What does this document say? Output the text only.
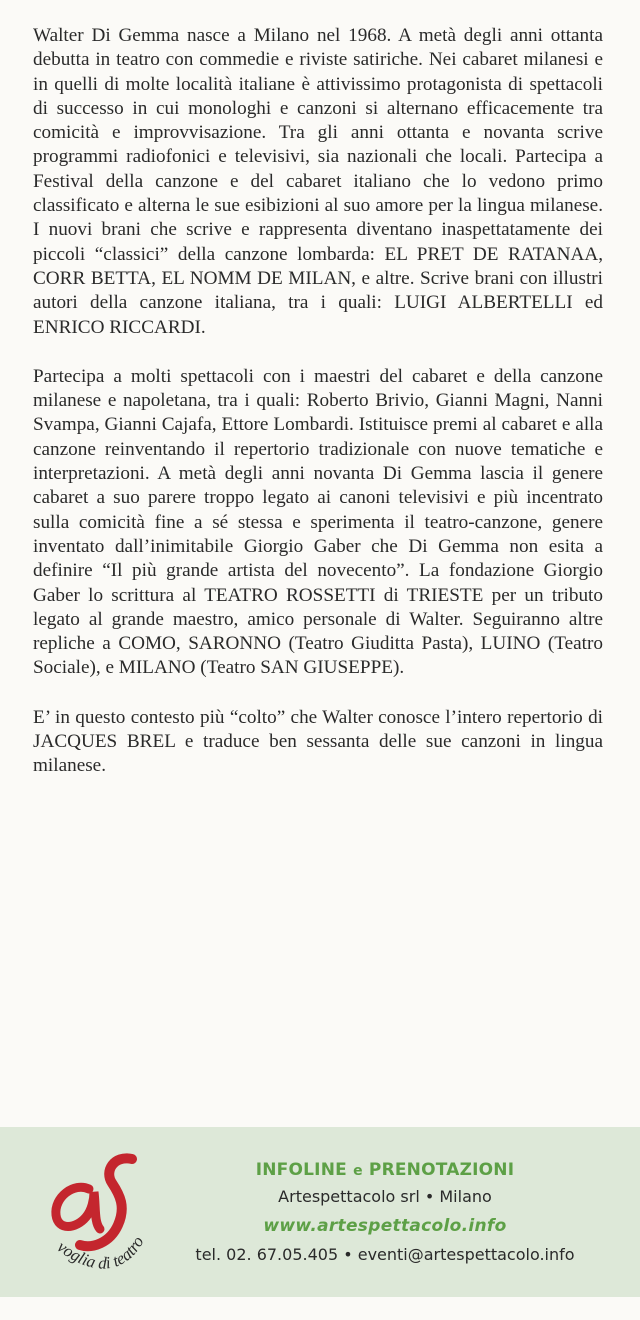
Walter Di Gemma nasce a Milano nel 1968. A metà degli anni ottanta debutta in teatro con commedie e riviste satiriche. Nei cabaret milanesi e in quelli di molte località italiane è attivissimo protagonista di spettacoli di successo in cui monologhi e canzoni si alternano efficacemente tra comicità e improvvisazione. Tra gli anni ottanta e novanta scrive programmi radiofonici e televisivi, sia nazionali che locali. Partecipa a Festival della canzone e del cabaret italiano che lo vedono primo classificato e alterna le sue esibizioni al suo amore per la lingua milanese. I nuovi brani che scrive e rappresenta diventano inaspettatamente dei piccoli “classici” della canzone lombarda: EL PRET DE RATANAA, CORR BETTA, EL NOMM DE MILAN, e altre. Scrive brani con illustri autori della canzone italiana, tra i quali: LUIGI ALBERTELLI ed ENRICO RICCARDI.

Partecipa a molti spettacoli con i maestri del cabaret e della canzone milanese e napoletana, tra i quali: Roberto Brivio, Gianni Magni, Nanni Svampa, Gianni Cajafa, Ettore Lombardi. Istituisce premi al cabaret e alla canzone reinventando il repertorio tradizionale con nuove tematiche e interpretazioni. A metà degli anni novanta Di Gemma lascia il genere cabaret a suo parere troppo legato ai canoni televisivi e più incentrato sulla comicità fine a sé stessa e sperimenta il teatro-canzone, genere inventato dall’inimitabile Giorgio Gaber che Di Gemma non esita a definire “Il più grande artista del novecento”. La fondazione Giorgio Gaber lo scrittura al TEATRO ROSSETTI di TRIESTE per un tributo legato al grande maestro, amico personale di Walter. Seguiranno altre repliche a COMO, SARONNO (Teatro Giuditta Pasta), LUINO (Teatro Sociale), e MILANO (Teatro SAN GIUSEPPE).

E’ in questo contesto più “colto” che Walter conosce l’intero repertorio di JACQUES BREL e traduce ben sessanta delle sue canzoni in lingua milanese.

voglia di teatro
INFOLINE e PRENOTAZIONI
Artespettacolo srl • Milano
www.artespettacolo.info
tel. 02. 67.05.405 • eventi@artespettacolo.info
